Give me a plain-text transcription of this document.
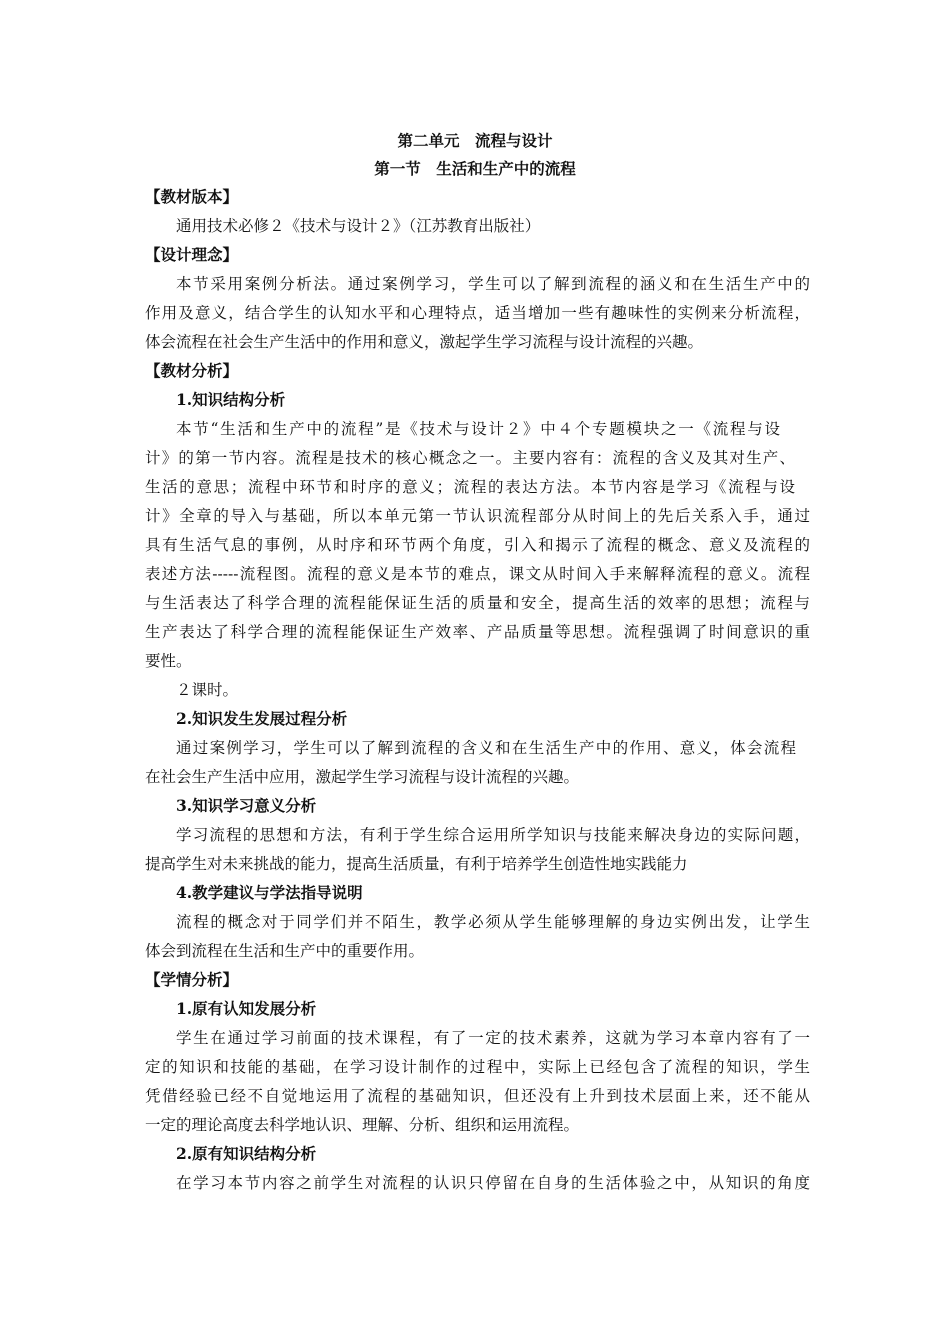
第二单元　流程与设计
第一节　生活和生产中的流程
【教材版本】
通用技术必修２《技术与设计２》（江苏教育出版社）
【设计理念】
本节采用案例分析法。通过案例学习，学生可以了解到流程的涵义和在生活生产中的
作用及意义，结合学生的认知水平和心理特点，适当增加一些有趣味性的实例来分析流程，
体会流程在社会生产生活中的作用和意义，激起学生学习流程与设计流程的兴趣。
【教材分析】
1.知识结构分析
本节“生活和生产中的流程”是《技术与设计２》中４个专题模块之一《流程与设
计》的第一节内容。流程是技术的核心概念之一。主要内容有：流程的含义及其对生产、
生活的意思；流程中环节和时序的意义；流程的表达方法。本节内容是学习《流程与设
计》全章的导入与基础，所以本单元第一节认识流程部分从时间上的先后关系入手，通过
具有生活气息的事例，从时序和环节两个角度，引入和揭示了流程的概念、意义及流程的
表述方法-----流程图。流程的意义是本节的难点，课文从时间入手来解释流程的意义。流程
与生活表达了科学合理的流程能保证生活的质量和安全，提高生活的效率的思想；流程与
生产表达了科学合理的流程能保证生产效率、产品质量等思想。流程强调了时间意识的重
要性。
２课时。
2.知识发生发展过程分析
通过案例学习，学生可以了解到流程的含义和在生活生产中的作用、意义，体会流程
在社会生产生活中应用，激起学生学习流程与设计流程的兴趣。
3.知识学习意义分析
学习流程的思想和方法，有利于学生综合运用所学知识与技能来解决身边的实际问题，
提高学生对未来挑战的能力，提高生活质量，有利于培养学生创造性地实践能力
4.教学建议与学法指导说明
流程的概念对于同学们并不陌生，教学必须从学生能够理解的身边实例出发，让学生
体会到流程在生活和生产中的重要作用。
【学情分析】
1.原有认知发展分析
学生在通过学习前面的技术课程，有了一定的技术素养，这就为学习本章内容有了一
定的知识和技能的基础，在学习设计制作的过程中，实际上已经包含了流程的知识，学生
凭借经验已经不自觉地运用了流程的基础知识，但还没有上升到技术层面上来，还不能从
一定的理论高度去科学地认识、理解、分析、组织和运用流程。
2.原有知识结构分析
在学习本节内容之前学生对流程的认识只停留在自身的生活体验之中，从知识的角度
